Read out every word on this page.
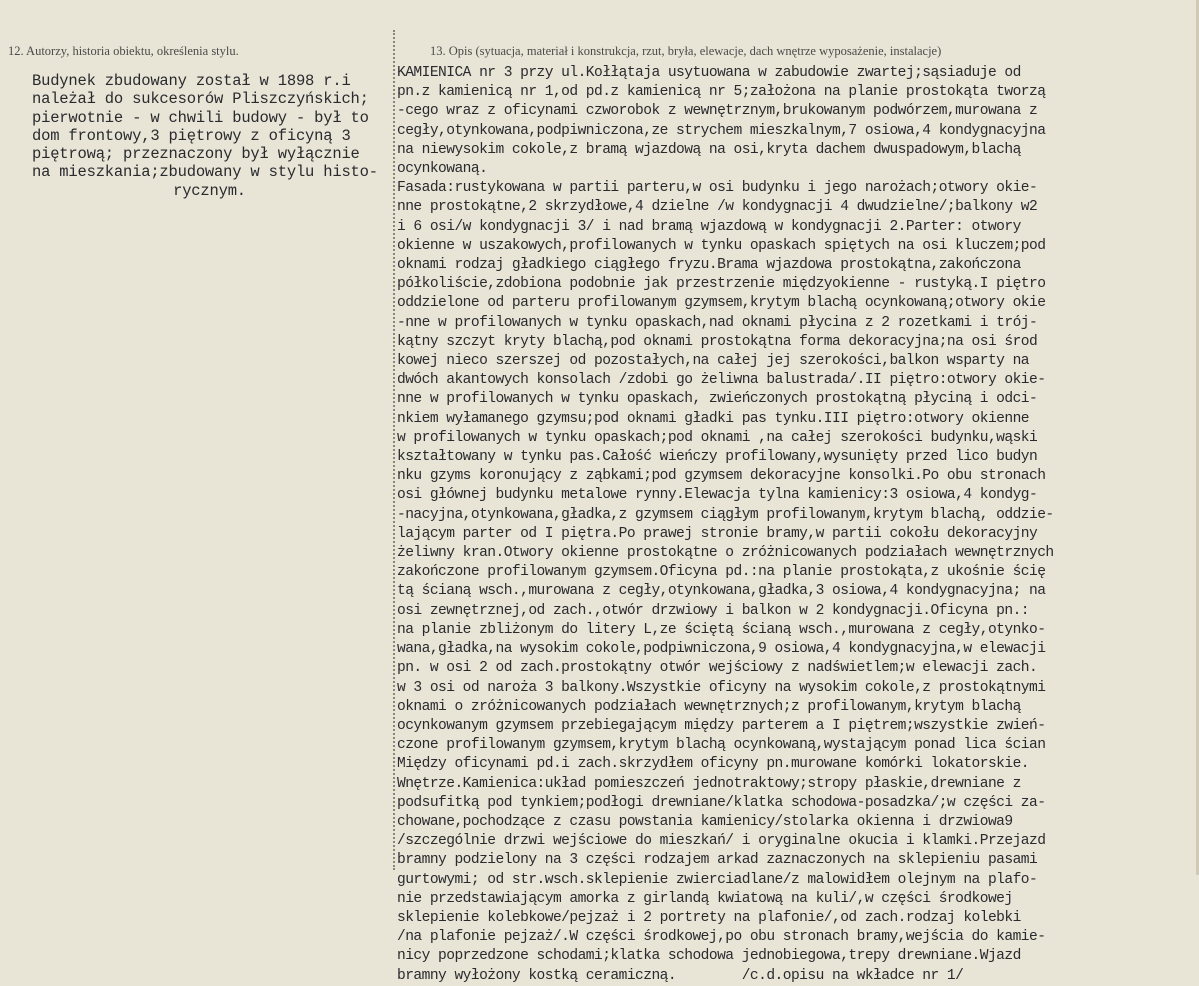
12. Autorzy, historia obiektu, określenia stylu.	13. Opis (sytuacja, materiał i konstrukcja, rzut, bryła, elewacje, dach wnętrze wyposażenie, instalacje)
Budynek zbudowany został w 1898 r.i
należał do sukcesorów Pliszczyńskich;
pierwotnie - w chwili budowy - był to
dom frontowy,3 piętrowy z oficyną 3
piętrową; przeznaczony był wyłącznie
na mieszkania;zbudowany w stylu histo-
rycznym.
KAMIENICA nr 3 przy ul.Kołłątaja usytuowana w zabudowie zwartej;sąsiaduje od
pn.z kamienicą nr 1,od pd.z kamienicą nr 5;założona na planie prostokąta tworzą
-cego wraz z oficynami czworobok z wewnętrznym,brukowanym podwórzem,murowana z
cegły,otynkowana,podpiwniczona,ze strychem mieszkalnym,7 osiowa,4 kondygnacyjna
na niewysokim cokole,z bramą wjazdową na osi,kryta dachem dwuspadowym,blachą
ocynkowaną.
Fasada:rustykowana w partii parteru,w osi budynku i jego narożach;otwory okie-
nne prostokątne,2 skrzydłowe,4 dzielne /w kondygnacji 4 dwudzielne/;balkony w2
i 6 osi/w kondygnacji 3/ i nad bramą wjazdową w kondygnacji 2.Parter: otwory
okienne w uszakowych,profilowanych w tynku opaskach spiętych na osi kluczem;pod
oknami rodzaj gładkiego ciągłego fryzu.Brama wjazdowa prostokątna,zakończona
półkoliście,zdobiona podobnie jak przestrzenie międzyokienne - rustyką.I piętro
oddzielone od parteru profilowanym gzymsem,krytym blachą ocynkowaną;otwory okie
-nne w profilowanych w tynku opaskach,nad oknami płycina z 2 rozetkami i trój-
kątny szczyt kryty blachą,pod oknami prostokątna forma dekoracyjna;na osi środ
kowej nieco szerszej od pozostałych,na całej jej szerokości,balkon wsparty na
dwóch akantowych konsolach /zdobi go żeliwna balustrada/.II piętro:otwory okie-
nne w profilowanych w tynku opaskach, zwieńczonych prostokątną płyciną i odci-
nkiem wyłamanego gzymsu;pod oknami gładki pas tynku.III piętro:otwory okienne
w profilowanych w tynku opaskach;pod oknami ,na całej szerokości budynku,wąski
kształtowany w tynku pas.Całość wieńczy profilowany,wysunięty przed lico budyn
nku gzyms koronujący z ząbkami;pod gzymsem dekoracyjne konsolki.Po obu stronach
osi głównej budynku metalowe rynny.Elewacja tylna kamienicy:3 osiowa,4 kondyg-
-nacyjna,otynkowana,gładka,z gzymsem ciągłym profilowanym,krytym blachą, oddzie-
lającym parter od I piętra.Po prawej stronie bramy,w partii cokołu dekoracyjny
żeliwny kran.Otwory okienne prostokątne o zróżnicowanych podziałach wewnętrznych
zakończone profilowanym gzymsem.Oficyna pd.:na planie prostokąta,z ukośnie ścię
tą ścianą wsch.,murowana z cegły,otynkowana,gładka,3 osiowa,4 kondygnacyjna; na
osi zewnętrznej,od zach.,otwór drzwiowy i balkon w 2 kondygnacji.Oficyna pn.:
na planie zbliżonym do litery L,ze ściętą ścianą wsch.,murowana z cegły,otynko-
wana,gładka,na wysokim cokole,podpiwniczona,9 osiowa,4 kondygnacyjna,w elewacji
pn. w osi 2 od zach.prostokątny otwór wejściowy z nadświetlem;w elewacji zach.
w 3 osi od naroża 3 balkony.Wszystkie oficyny na wysokim cokole,z prostokątnymi
oknami o zróżnicowanych podziałach wewnętrznych;z profilowanym,krytym blachą
ocynkowanym gzymsem przebiegającym między parterem a I piętrem;wszystkie zwień-
czone profilowanym gzymsem,krytym blachą ocynkowaną,wystającym ponad lica ścian
Między oficynami pd.i zach.skrzydłem oficyny pn.murowane komórki lokatorskie.
Wnętrze.Kamienica:układ pomieszczeń jednotraktowy;stropy płaskie,drewniane z
podsufitką pod tynkiem;podłogi drewniane/klatka schodowa-posadzka/;w części za-
chowane,pochodzące z czasu powstania kamienicy/stolarka okienna i drzwiowa9
/szczególnie drzwi wejściowe do mieszkań/ i oryginalne okucia i klamki.Przejazd
bramny podzielony na 3 części rodzajem arkad zaznaczonych na sklepieniu pasami
gurtowymi; od str.wsch.sklepienie zwierciadlane/z malowidłem olejnym na plafo-
nie przedstawiającym amorka z girlandą kwiatową na kuli/,w części środkowej
sklepienie kolebkowe/pejzaż i 2 portrety na plafonie/,od zach.rodzaj kolebki
/na plafonie pejzaż/.W części środkowej,po obu stronach bramy,wejścia do kamie-
nicy poprzedzone schodami;klatka schodowa jednobiegowa,trepy drewniane.Wjazd
bramny wyłożony kostką ceramiczną.        /c.d.opisu na wkładce nr 1/
